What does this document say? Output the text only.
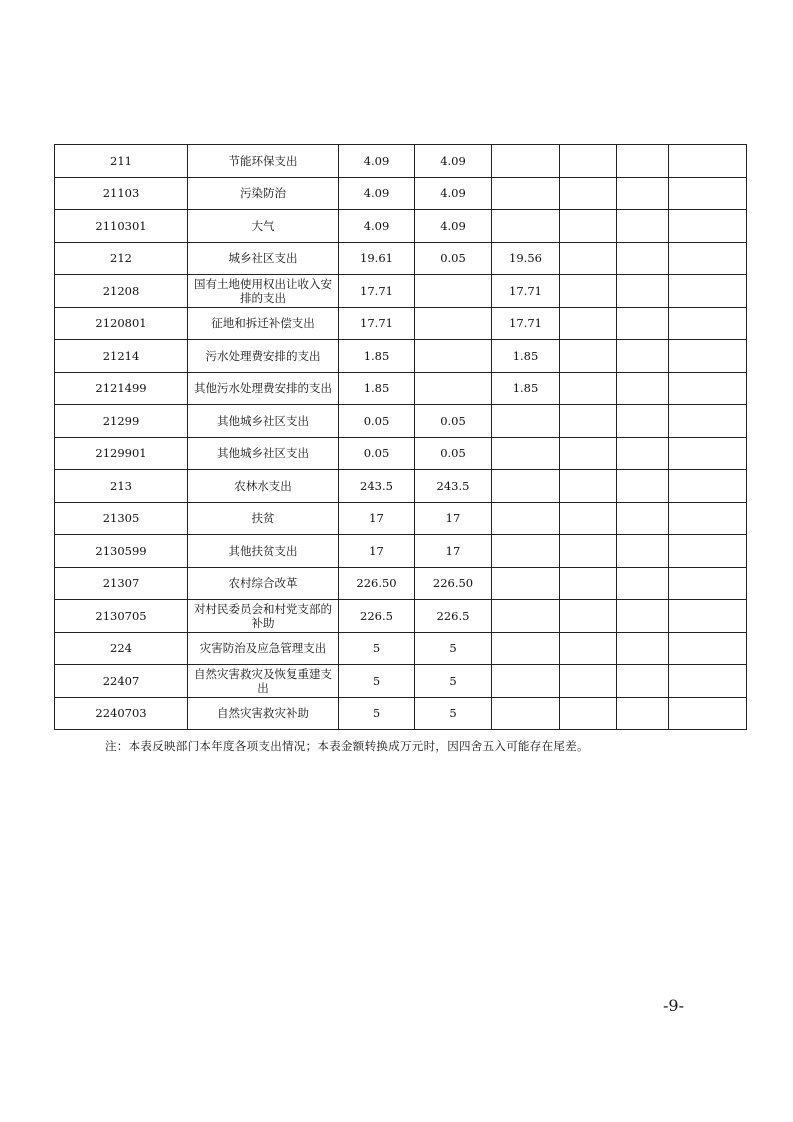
211	节能环保支出	4.09	4.09				
21103	污染防治	4.09	4.09				
2110301	大气	4.09	4.09				
212	城乡社区支出	19.61	0.05	19.56			
21208	国有土地使用权出让收入安排的支出	17.71		17.71			
2120801	征地和拆迁补偿支出	17.71		17.71			
21214	污水处理费安排的支出	1.85		1.85			
2121499	其他污水处理费安排的支出	1.85		1.85			
21299	其他城乡社区支出	0.05	0.05				
2129901	其他城乡社区支出	0.05	0.05				
213	农林水支出	243.5	243.5				
21305	扶贫	17	17				
2130599	其他扶贫支出	17	17				
21307	农村综合改革	226.50	226.50				
2130705	对村民委员会和村党支部的补助	226.5	226.5				
224	灾害防治及应急管理支出	5	5				
22407	自然灾害救灾及恢复重建支出	5	5				
2240703	自然灾害救灾补助	5	5				
注：本表反映部门本年度各项支出情况；本表金额转换成万元时，因四舍五入可能存在尾差。
-9-
